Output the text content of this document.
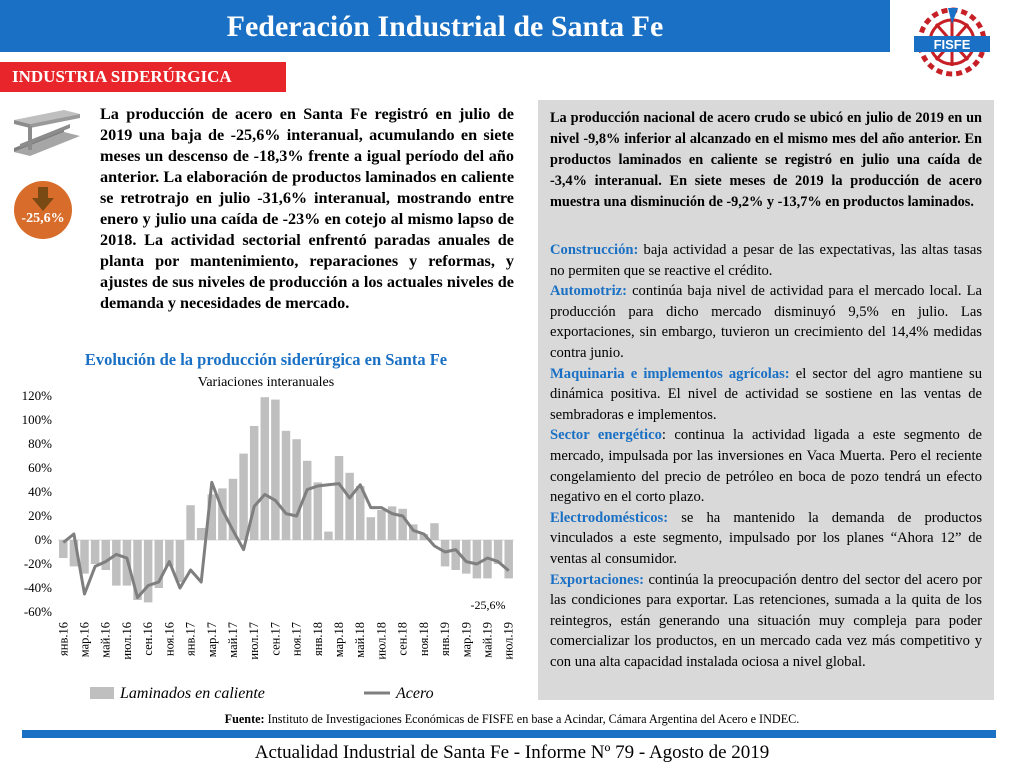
Federación Industrial de Santa Fe
FISFE
INDUSTRIA SIDERÚRGICA
-25,6%
La producción de acero en Santa Fe registró en julio de 2019 una baja de -25,6% interanual, acumulando en siete meses un descenso de -18,3% frente a igual período del año anterior. La elaboración de productos laminados en caliente se retrotrajo en julio -31,6% interanual, mostrando entre enero y julio una caída de -23% en cotejo al mismo lapso de 2018. La actividad sectorial enfrentó paradas anuales de planta por mantenimiento, reparaciones y reformas, y ajustes de sus niveles de producción a los actuales niveles de demanda y necesidades de mercado.
Evolución de la producción siderúrgica en Santa Fe
Variaciones interanuales
120%
100%
80%
60%
40%
20%
0%
-20%
-40%
-60%
янв.16 мар.16 май.16 июл.16 сен.16 ноя.16 янв.17 мар.17 май.17 июл.17 сен.17 ноя.17 янв.18 мар.18 май.18 июл.18 сен.18 ноя.18 янв.19 мар.19 май.19 июл.19
-25,6%
Laminados en caliente	Acero
La producción nacional de acero crudo se ubicó en julio de 2019 en un nivel -9,8% inferior al alcanzado en el mismo mes del año anterior. En productos laminados en caliente se registró en julio una caída de -3,4% interanual. En siete meses de 2019 la producción de acero muestra una disminución de -9,2% y -13,7% en productos laminados.

Construcción: baja actividad a pesar de las expectativas, las altas tasas no permiten que se reactive el crédito.

Automotriz: continúa baja nivel de actividad para el mercado local. La producción para dicho mercado disminuyó 9,5% en julio. Las exportaciones, sin embargo, tuvieron un crecimiento del 14,4% medidas contra junio.

Maquinaria e implementos agrícolas: el sector del agro mantiene su dinámica positiva. El nivel de actividad se sostiene en las ventas de sembradoras e implementos.

Sector energético: continua la actividad ligada a este segmento de mercado, impulsada por las inversiones en Vaca Muerta. Pero el reciente congelamiento del precio de petróleo en boca de pozo tendrá un efecto negativo en el corto plazo.

Electrodomésticos: se ha mantenido la demanda de productos vinculados a este segmento, impulsado por los planes “Ahora 12” de ventas al consumidor.

Exportaciones: continúa la preocupación dentro del sector del acero por las condiciones para exportar. Las retenciones, sumada a la quita de los reintegros, están generando una situación muy compleja para poder comercializar los productos, en un mercado cada vez más competitivo y con una alta capacidad instalada ociosa a nivel global.

Fuente: Instituto de Investigaciones Económicas de FISFE en base a Acindar, Cámara Argentina del Acero e INDEC.
Actualidad Industrial de Santa Fe - Informe Nº 79 - Agosto de 2019
